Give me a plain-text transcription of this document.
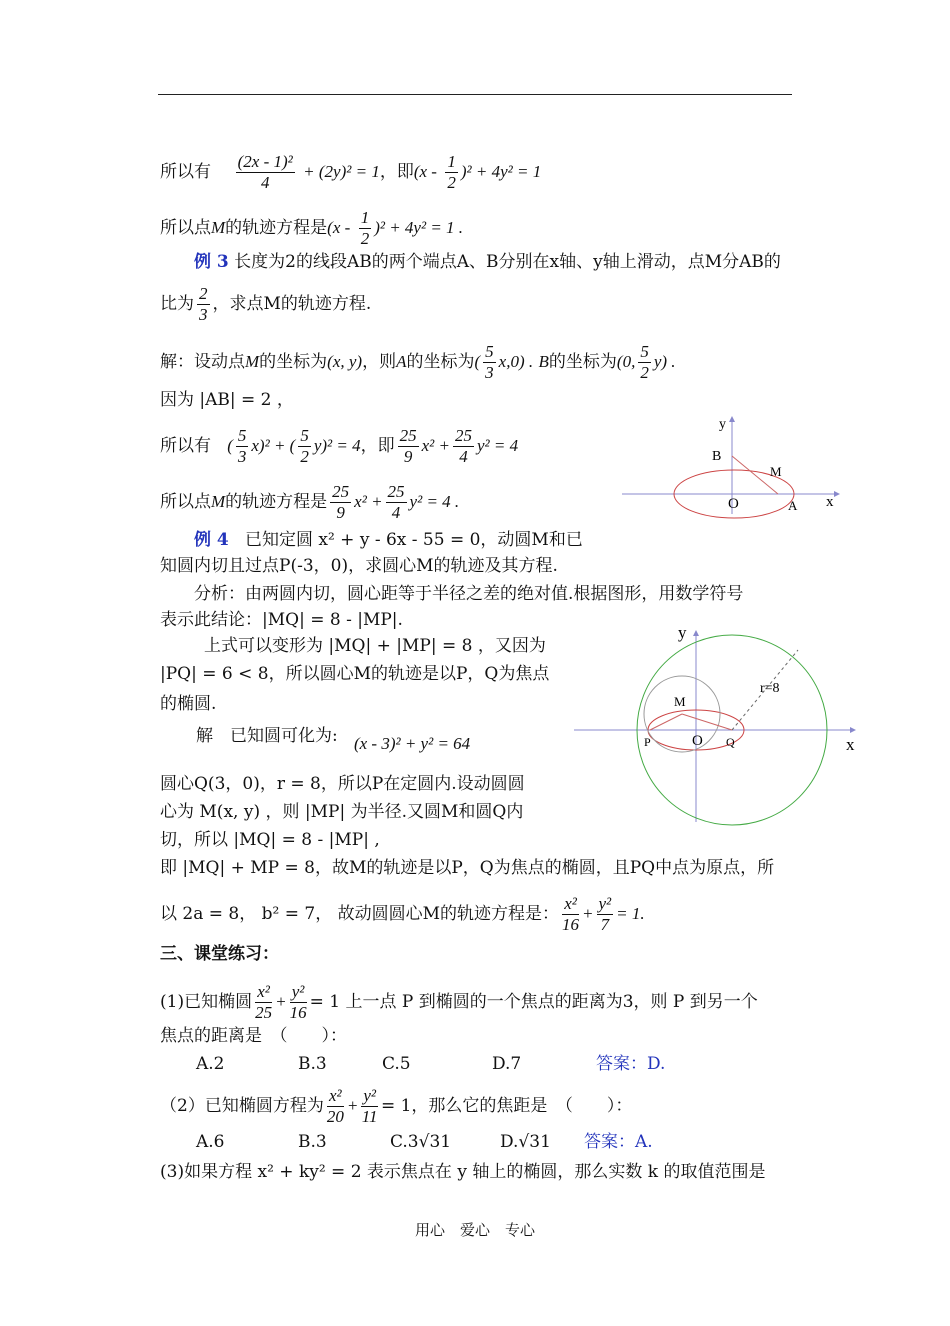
所以有 $\frac{\text{(2x - 1)²}}{4} + (2y)^2 = 1$，即$(x - \frac{1}{2} )^2 + 4y^2 = 1$
所以点M的轨迹方程是$(x - \frac{1}{2} )^2 + 4y^2 = 1$ .
例 3 长度为2的线段AB的两个端点A、B分别在x轴、y轴上滑动，点M分AB的
比为 $\frac{2}{3}$ ，求点M的轨迹方程.
解：设动点M的坐标为(x, y)，则A的坐标为( $\frac{5}{3} x,0$) . B的坐标为(0, $\frac{5}{2} y$) .
因为 |AB| = 2 ，
所以有 ( $\frac{5}{3} x)^2$ + ( $\frac{5}{2} y)^2 = 4$，即 $\frac{25}{9} x^2 + \frac{25}{4} y^2 = 4$
所以点M的轨迹方程是 $\frac{25}{9} x^2 + \frac{25}{4} y^2 = 4$ .
y
x
B
M
O	A
例 4 已知定圆 x² + y - 6x - 55 = 0，动圆M和已
知圆内切且过点P(-3，0)，求圆心M的轨迹及其方程.
分析：由两圆内切，圆心距等于半径之差的绝对值.根据图形，用数学符号
表示此结论：|MQ| = 8 - |MP|.
上式可以变形为 |MQ| + |MP| = 8 ，又因为
|PQ| = 6 < 8，所以圆心M的轨迹是以P，Q为焦点
的椭圆.
解　已知圆可化为: (x - 3)² + y² = 64
圆心Q(3，0)，r = 8，所以P在定圆内.设动圆圆
心为 M(x, y) ，则 |MP| 为半径.又圆M和圆Q内
切，所以 |MQ| = 8 - |MP| ,
即 |MQ| + MP = 8，故M的轨迹是以P，Q为焦点的椭圆，且PQ中点为原点，所
以 2a = 8， b² = 7， 故动圆圆心M的轨迹方程是： $\frac{\text{x²}}{16} + \frac{\text{y²}}{7} = 1$.
y
x
r=8
M
P	O Q
三、课堂练习：
(1)已知椭圆 $\frac{\text{x²}}{25} + \frac{\text{y²}}{16} = 1$ 上一点 P 到椭圆的一个焦点的距离为3，则 P 到另一个
焦点的距离是　（　　）：
A.2	B.3	C.5	D.7	答案：D.
（2）已知椭圆方程为 $\frac{\text{x²}}{20} + \frac{\text{y²}}{11} = 1$，那么它的焦距是　（　　）：
A.6	B.3	C.3√31	D.√31 答案：A.
(3)如果方程 x² + ky² = 2 表示焦点在 y 轴上的椭圆，那么实数 k 的取值范围是
用心　爱心　专心
